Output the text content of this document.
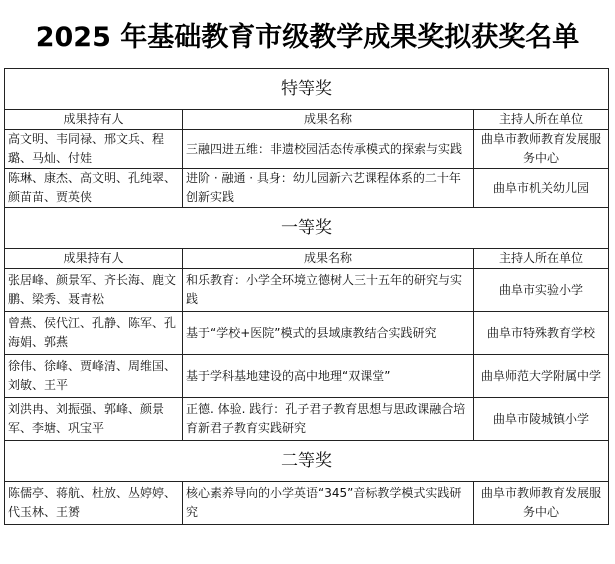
2025 年基础教育市级教学成果奖拟获奖名单
特等奖		
成果持有人	成果名称	主持人所在单位
高文明、韦同禄、邢文兵、程璐、马灿、付娃	三融四进五维：非遗校园活态传承模式的探索与实践	曲阜市教师教育发展服务中心
陈琳、康杰、高文明、孔纯翠、颜苗苗、贾英侠	进阶 · 融通 · 具身：幼儿园新六艺课程体系的二十年创新实践	曲阜市机关幼儿园
一等奖		
成果持有人	成果名称	主持人所在单位
张居峰、颜景军、齐长海、鹿文鹏、梁秀、聂青松	和乐教育：小学全环境立德树人三十五年的研究与实践	曲阜市实验小学
曾燕、侯代江、孔静、陈军、孔海娟、郭燕	基于“学校+医院”模式的县域康教结合实践研究	曲阜市特殊教育学校
徐伟、徐峰、贾峰清、周维国、刘敏、王平	基于学科基地建设的高中地理“双课堂”	曲阜师范大学附属中学
刘洪冉、刘振强、郭峰、颜景军、李塘、巩宝平	正德. 体验. 践行：孔子君子教育思想与思政课融合培育新君子教育实践研究	曲阜市陵城镇小学
二等奖		
陈儒亭、蒋航、杜放、丛婷婷、代玉林、王赟	核心素养导向的小学英语“345”音标教学模式实践研究	曲阜市教师教育发展服务中心
